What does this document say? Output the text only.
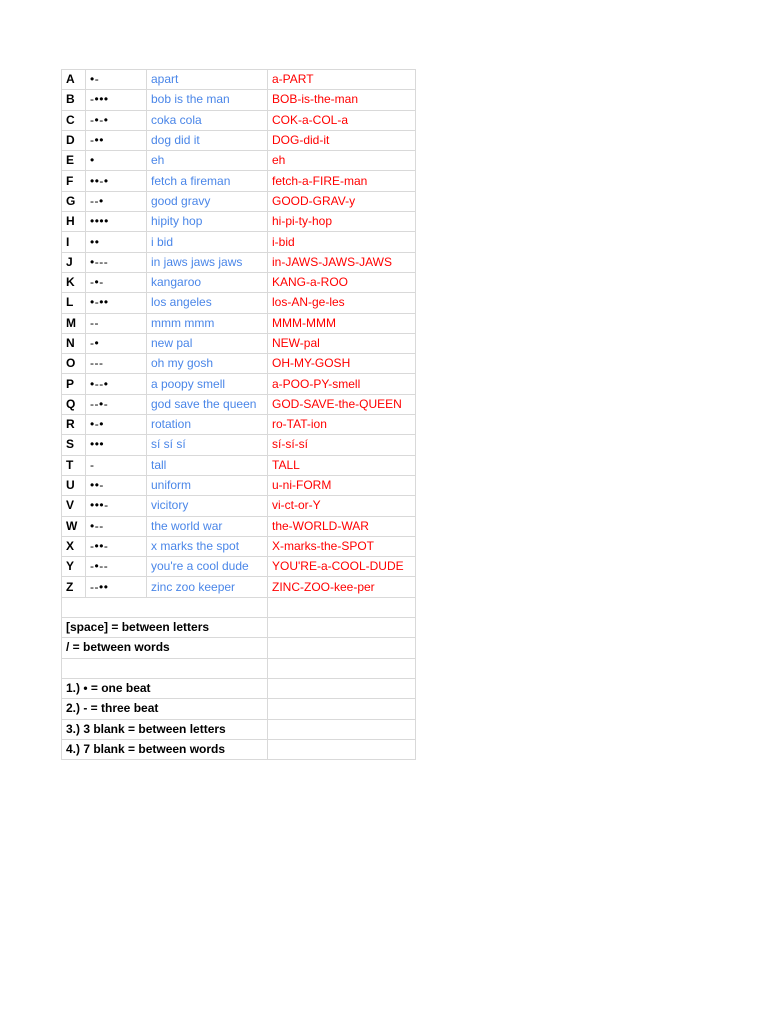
A	•-	apart	a-PART
B	-•••	bob is the man	BOB-is-the-man
C	-•-•	coka cola	COK-a-COL-a
D	-••	dog did it	DOG-did-it
E	•	eh	eh
F	••-•	fetch a fireman	fetch-a-FIRE-man
G	--•	good gravy	GOOD-GRAV-y
H	••••	hipity hop	hi-pi-ty-hop
I	••	i bid	i-bid
J	•---	in jaws jaws jaws	in-JAWS-JAWS-JAWS
K	-•-	kangaroo	KANG-a-ROO
L	•-••	los angeles	los-AN-ge-les
M	--	mmm mmm	MMM-MMM
N	-•	new pal	NEW-pal
O	---	oh my gosh	OH-MY-GOSH
P	•--•	a poopy smell	a-POO-PY-smell
Q	--•-	god save the queen	GOD-SAVE-the-QUEEN
R	•-•	rotation	ro-TAT-ion
S	•••	sí sí sí	sí-sí-sí
T	-	tall	TALL
U	••-	uniform	u-ni-FORM
V	•••-	vicitory	vi-ct-or-Y
W	•--	the world war	the-WORLD-WAR
X	-••-	x marks the spot	X-marks-the-SPOT
Y	-•--	you're a cool dude	YOU'RE-a-COOL-DUDE
Z	--••	zinc zoo keeper	ZINC-ZOO-kee-per

[space] = between letters			
/ = between words			

1.) • = one beat			
2.) - = three beat			
3.) 3 blank = between letters			
4.) 7 blank = between words			
